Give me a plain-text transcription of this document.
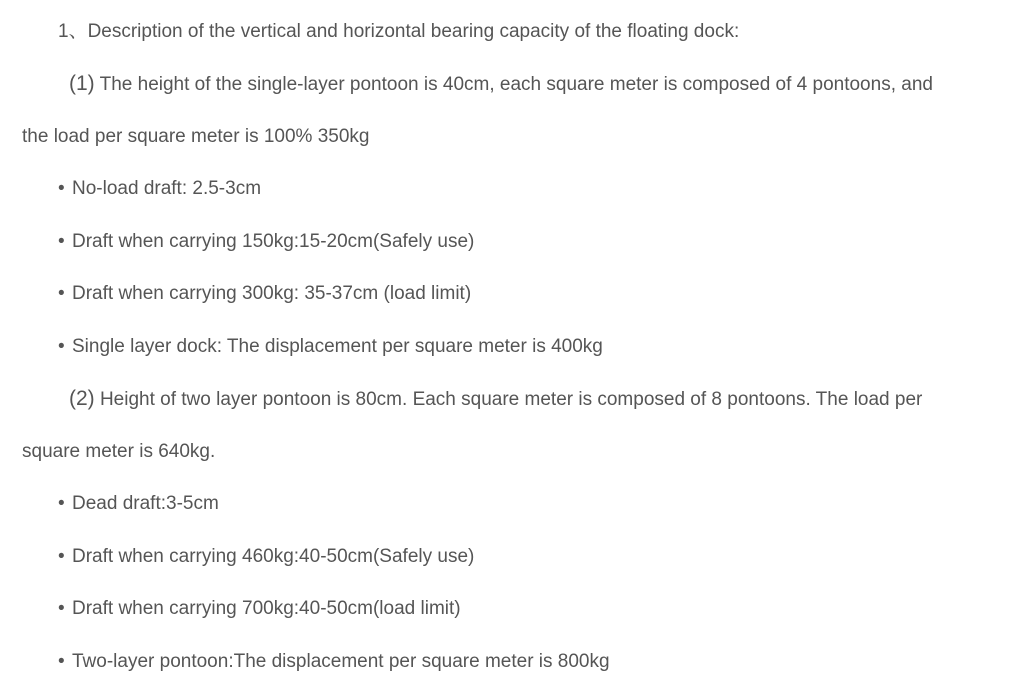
1、Description of the vertical and horizontal bearing capacity of the floating dock:
(1) The height of the single-layer pontoon is 40cm, each square meter is composed of 4 pontoons, and
the load per square meter is 100% 350kg
• No-load draft: 2.5-3cm
• Draft when carrying 150kg:15-20cm(Safely use)
• Draft when carrying 300kg: 35-37cm (load limit)
• Single layer dock: The displacement per square meter is 400kg
(2) Height of two layer pontoon is 80cm. Each square meter is composed of 8 pontoons. The load per
square meter is 640kg.
• Dead draft:3-5cm
• Draft when carrying 460kg:40-50cm(Safely use)
• Draft when carrying 700kg:40-50cm(load limit)
• Two-layer pontoon:The displacement per square meter is 800kg
